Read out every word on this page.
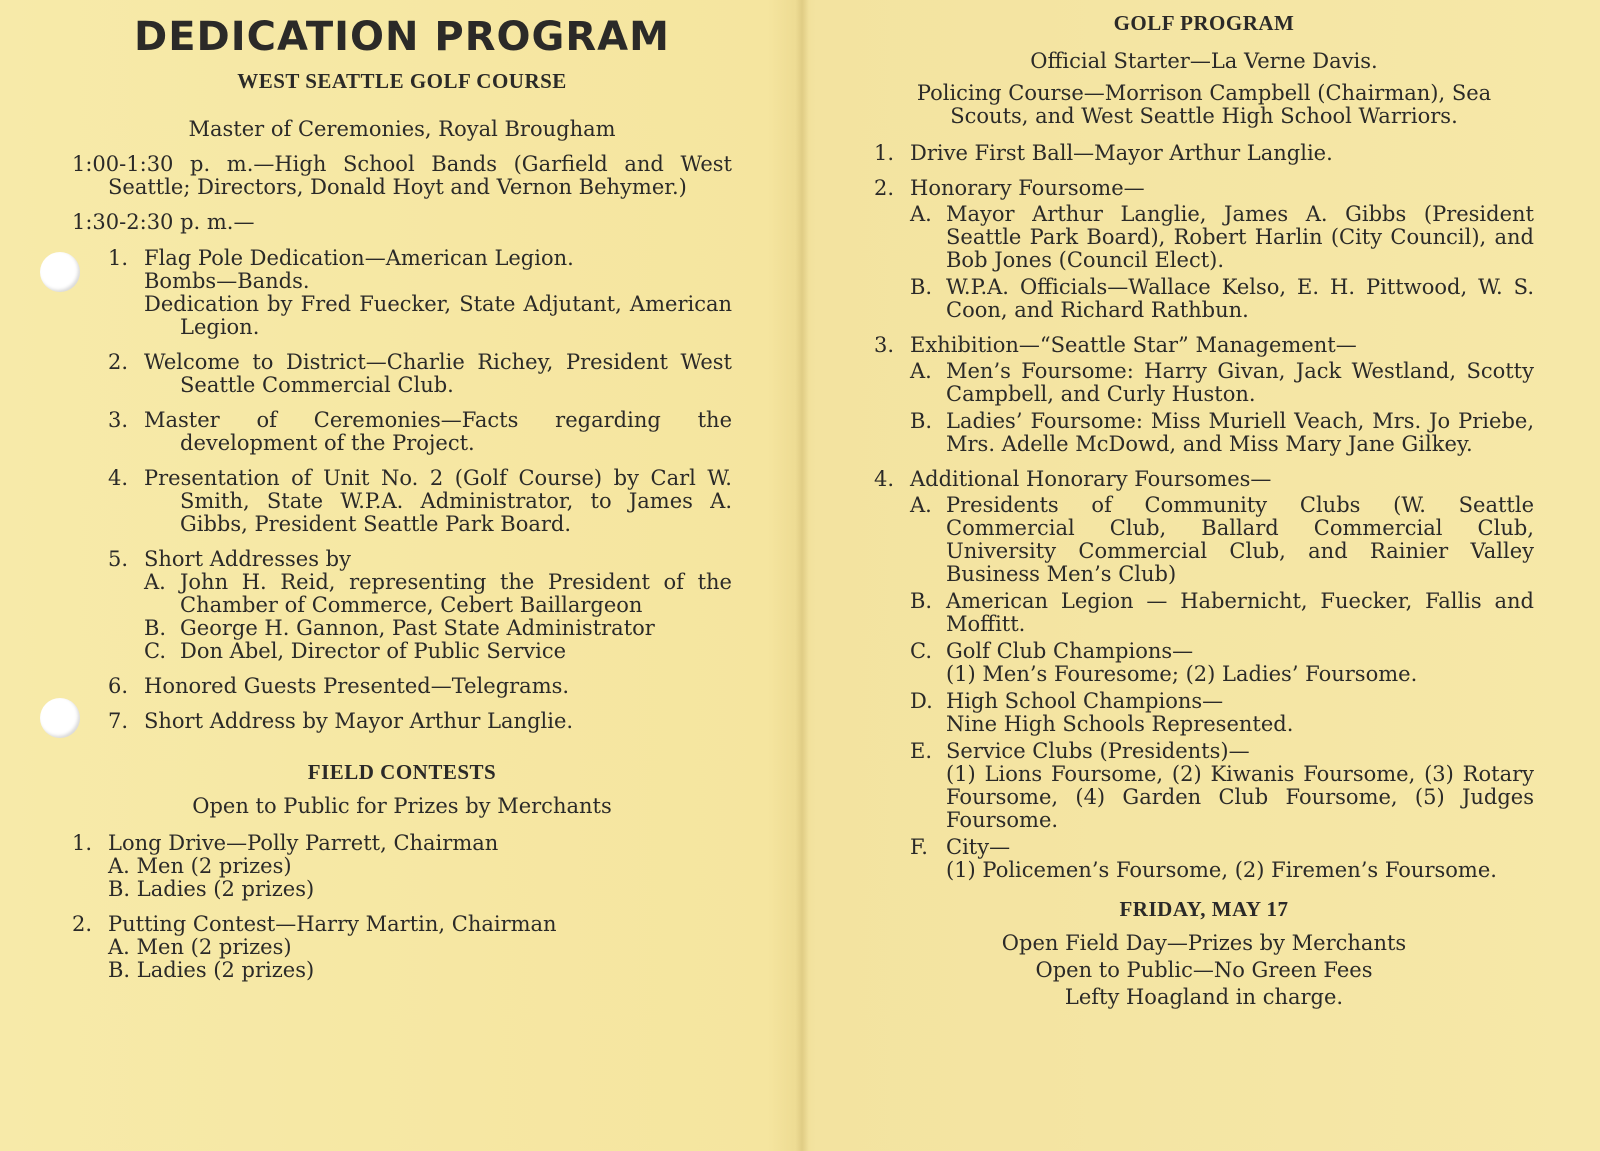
DEDICATION PROGRAM
WEST SEATTLE GOLF COURSE

Master of Ceremonies, Royal Brougham

1:00-1:30 p. m.—High School Bands (Garfield and West Seattle; Directors, Donald Hoyt and Vernon Behymer.)

1:30-2:30 p. m.—

1. Flag Pole Dedication—American Legion.

Bombs—Bands.

Dedication by Fred Fuecker, State Adjutant, American Legion.

2. Welcome to District—Charlie Richey, President West Seattle Commercial Club.

3. Master of Ceremonies—Facts regarding the development of the Project.

4. Presentation of Unit No. 2 (Golf Course) by Carl W. Smith, State W.P.A. Administrator, to James A. Gibbs, President Seattle Park Board.

5. Short Addresses by

A. John H. Reid, representing the President of the Chamber of Commerce, Cebert Baillargeon

B. George H. Gannon, Past State Administrator

C. Don Abel, Director of Public Service

6. Honored Guests Presented—Telegrams.

7. Short Address by Mayor Arthur Langlie.

FIELD CONTESTS

Open to Public for Prizes by Merchants

1. Long Drive—Polly Parrett, Chairman

A. Men (2 prizes)

B. Ladies (2 prizes)

2. Putting Contest—Harry Martin, Chairman

A. Men (2 prizes)

B. Ladies (2 prizes)

GOLF PROGRAM

Official Starter—La Verne Davis.

Policing Course—Morrison Campbell (Chairman), Sea Scouts, and West Seattle High School Warriors.

1. Drive First Ball—Mayor Arthur Langlie.

2. Honorary Foursome—

A. Mayor Arthur Langlie, James A. Gibbs (President Seattle Park Board), Robert Harlin (City Council), and Bob Jones (Council Elect).

B. W.P.A. Officials—Wallace Kelso, E. H. Pittwood, W. S. Coon, and Richard Rathbun.

3. Exhibition—“Seattle Star” Management—

A. Men’s Foursome: Harry Givan, Jack Westland, Scotty Campbell, and Curly Huston.

B. Ladies’ Foursome: Miss Muriell Veach, Mrs. Jo Priebe, Mrs. Adelle McDowd, and Miss Mary Jane Gilkey.

4. Additional Honorary Foursomes—

A. Presidents of Community Clubs (W. Seattle Commercial Club, Ballard Commercial Club, University Commercial Club, and Rainier Valley Business Men’s Club)

B. American Legion — Habernicht, Fuecker, Fallis and Moffitt.

C. Golf Club Champions—

(1) Men’s Fouresome; (2) Ladies’ Foursome.

D. High School Champions—

Nine High Schools Represented.

E. Service Clubs (Presidents)—

(1) Lions Foursome, (2) Kiwanis Foursome, (3) Rotary Foursome, (4) Garden Club Foursome, (5) Judges Foursome.

F. City—

(1) Policemen’s Foursome, (2) Firemen’s Foursome.

FRIDAY, MAY 17

Open Field Day—Prizes by Merchants

Open to Public—No Green Fees

Lefty Hoagland in charge.
